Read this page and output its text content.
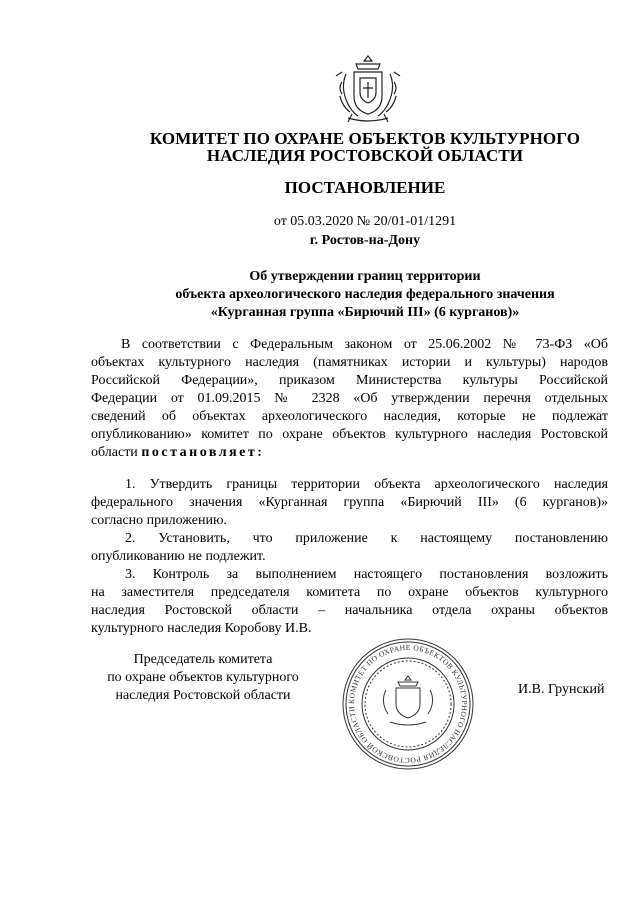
КОМИТЕТ ПО ОХРАНЕ ОБЪЕКТОВ КУЛЬТУРНОГО
НАСЛЕДИЯ РОСТОВСКОЙ ОБЛАСТИ
ПОСТАНОВЛЕНИЕ
от 05.03.2020 № 20/01-01/1291
г. Ростов-на-Дону
Об утверждении границ территории
объекта археологического наследия федерального значения
«Курганная группа «Бирючий III» (6 курганов)»
В соответствии с Федеральным законом от 25.06.2002 № 73-ФЗ «Об
объектах культурного наследия (памятниках истории и культуры) народов
Российской Федерации», приказом Министерства культуры Российской
Федерации от 01.09.2015 № 2328 «Об утверждении перечня отдельных
сведений об объектах археологического наследия, которые не подлежат
опубликованию» комитет по охране объектов культурного наследия Ростовской
области постановляет:
1. Утвердить границы территории объекта археологического наследия
федерального значения «Курганная группа «Бирючий III» (6 курганов)»
согласно приложению.
2. Установить, что приложение к настоящему постановлению
опубликованию не подлежит.
3. Контроль за выполнением настоящего постановления возложить
на заместителя председателя комитета по охране объектов культурного
наследия Ростовской области – начальника отдела охраны объектов
культурного наследия Коробову И.В.
Председатель комитета
по охране объектов культурного
наследия Ростовской области	КОМИТЕТ ПО ОХРАНЕ ОБЪЕКТОВ КУЛЬТУРНОГО НАСЛЕДИЯ РОСТОВСКОЙ ОБЛАСТИ
И.В. Грунский
